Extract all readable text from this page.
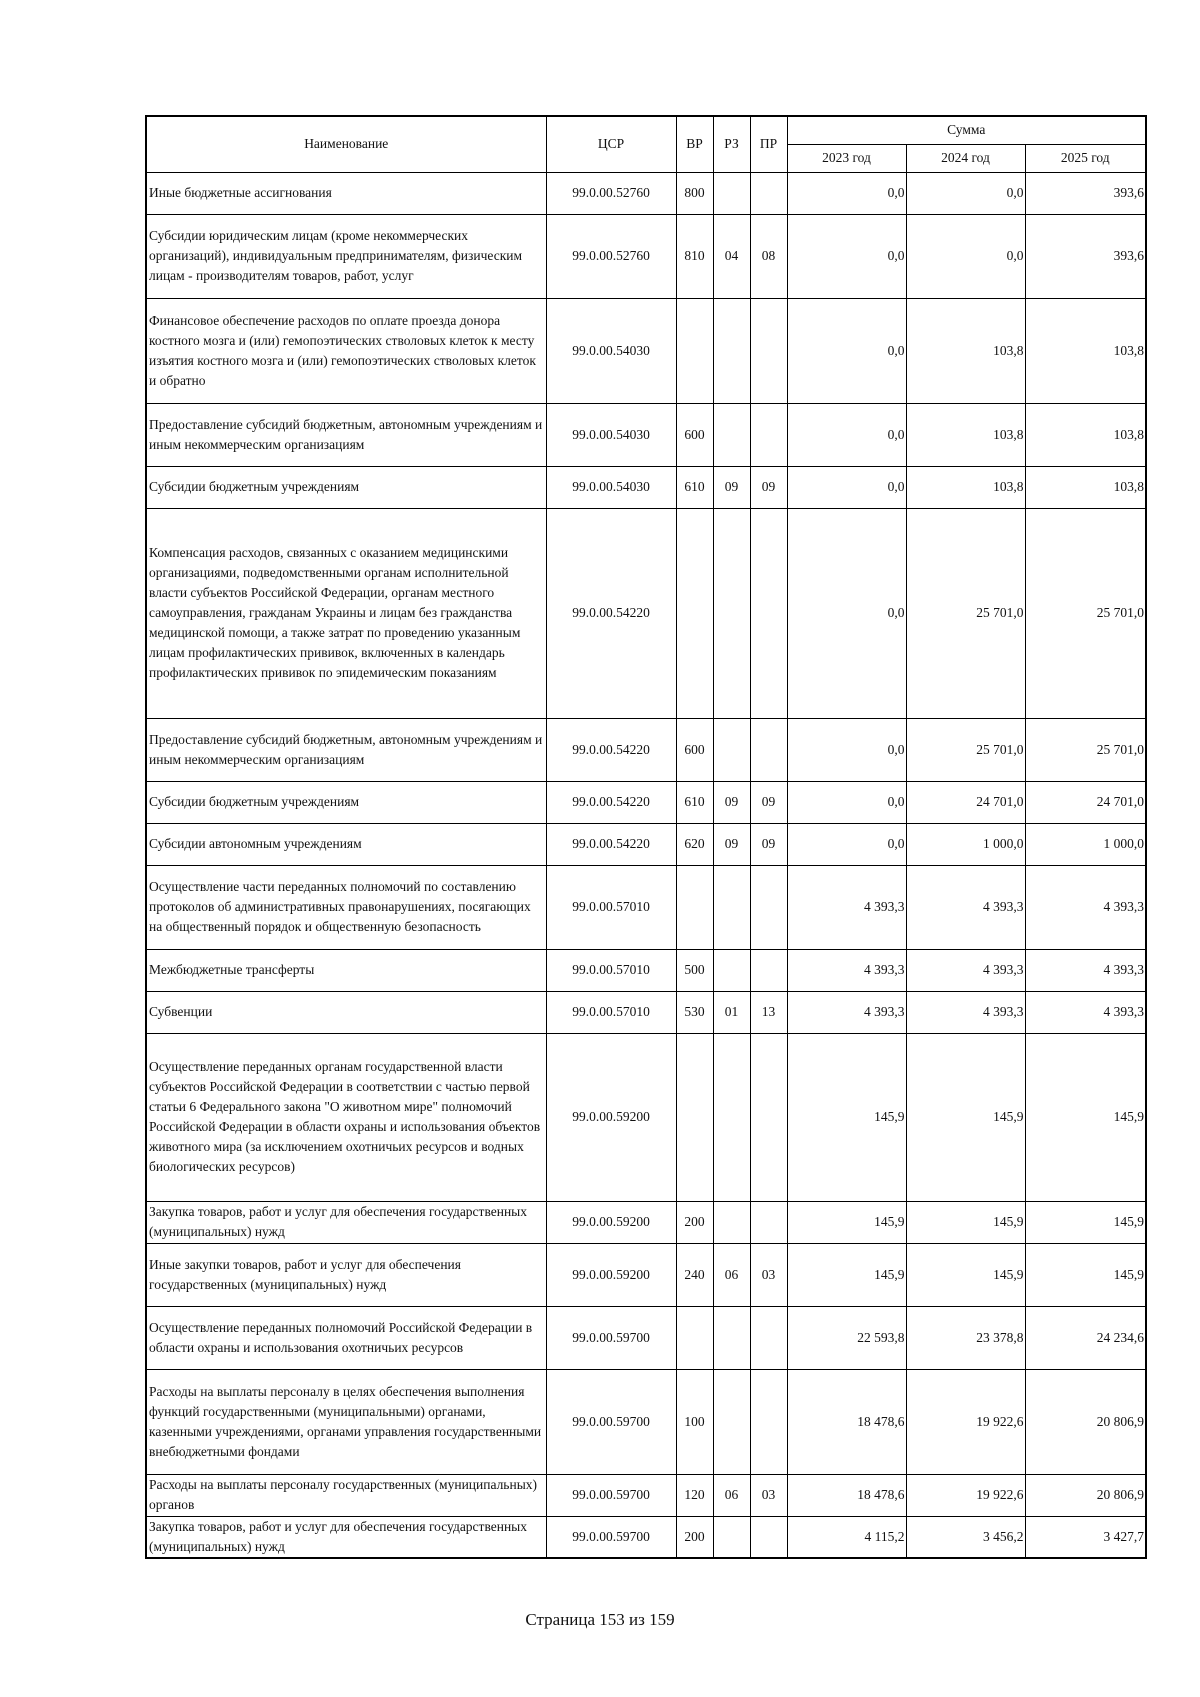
Наименование	ЦСР	ВР	РЗ	ПР	Сумма		
					2023 год	2024 год	2025 год
Иные бюджетные ассигнования	99.0.00.52760	800			0,0	0,0	393,6
Субсидии юридическим лицам (кроме некоммерческих организаций), индивидуальным предпринимателям, физическим лицам - производителям товаров, работ, услуг	99.0.00.52760	810	04	08	0,0	0,0	393,6
Финансовое обеспечение расходов по оплате проезда донора костного мозга и (или) гемопоэтических стволовых клеток к месту изъятия костного мозга и (или) гемопоэтических стволовых клеток и обратно	99.0.00.54030				0,0	103,8	103,8
Предоставление субсидий бюджетным, автономным учреждениям и иным некоммерческим организациям	99.0.00.54030	600			0,0	103,8	103,8
Субсидии бюджетным учреждениям	99.0.00.54030	610	09	09	0,0	103,8	103,8
Компенсация расходов, связанных с оказанием медицинскими организациями, подведомственными органам исполнительной власти субъектов Российской Федерации, органам местного самоуправления, гражданам Украины и лицам без гражданства медицинской помощи, а также затрат по проведению указанным лицам профилактических прививок, включенных в календарь профилактических прививок по эпидемическим показаниям	99.0.00.54220				0,0	25 701,0	25 701,0
Предоставление субсидий бюджетным, автономным учреждениям и иным некоммерческим организациям	99.0.00.54220	600			0,0	25 701,0	25 701,0
Субсидии бюджетным учреждениям	99.0.00.54220	610	09	09	0,0	24 701,0	24 701,0
Субсидии автономным учреждениям	99.0.00.54220	620	09	09	0,0	1 000,0	1 000,0
Осуществление части переданных полномочий по составлению протоколов об административных правонарушениях, посягающих на общественный порядок и общественную безопасность	99.0.00.57010				4 393,3	4 393,3	4 393,3
Межбюджетные трансферты	99.0.00.57010	500			4 393,3	4 393,3	4 393,3
Субвенции	99.0.00.57010	530	01	13	4 393,3	4 393,3	4 393,3
Осуществление переданных органам государственной власти субъектов Российской Федерации в соответствии с частью первой статьи 6 Федерального закона "О животном мире" полномочий Российской Федерации в области охраны и использования объектов животного мира (за исключением охотничьих ресурсов и водных биологических ресурсов)	99.0.00.59200				145,9	145,9	145,9
Закупка товаров, работ и услуг для обеспечения государственных (муниципальных) нужд	99.0.00.59200	200			145,9	145,9	145,9
Иные закупки товаров, работ и услуг для обеспечения государственных (муниципальных) нужд	99.0.00.59200	240	06	03	145,9	145,9	145,9
Осуществление переданных полномочий Российской Федерации в области охраны и использования охотничьих ресурсов	99.0.00.59700				22 593,8	23 378,8	24 234,6
Расходы на выплаты персоналу в целях обеспечения выполнения функций государственными (муниципальными) органами, казенными учреждениями, органами управления государственными внебюджетными фондами	99.0.00.59700	100			18 478,6	19 922,6	20 806,9
Расходы на выплаты персоналу государственных (муниципальных) органов	99.0.00.59700	120	06	03	18 478,6	19 922,6	20 806,9
Закупка товаров, работ и услуг для обеспечения государственных (муниципальных) нужд	99.0.00.59700	200			4 115,2	3 456,2	3 427,7
Страница 153 из 159
